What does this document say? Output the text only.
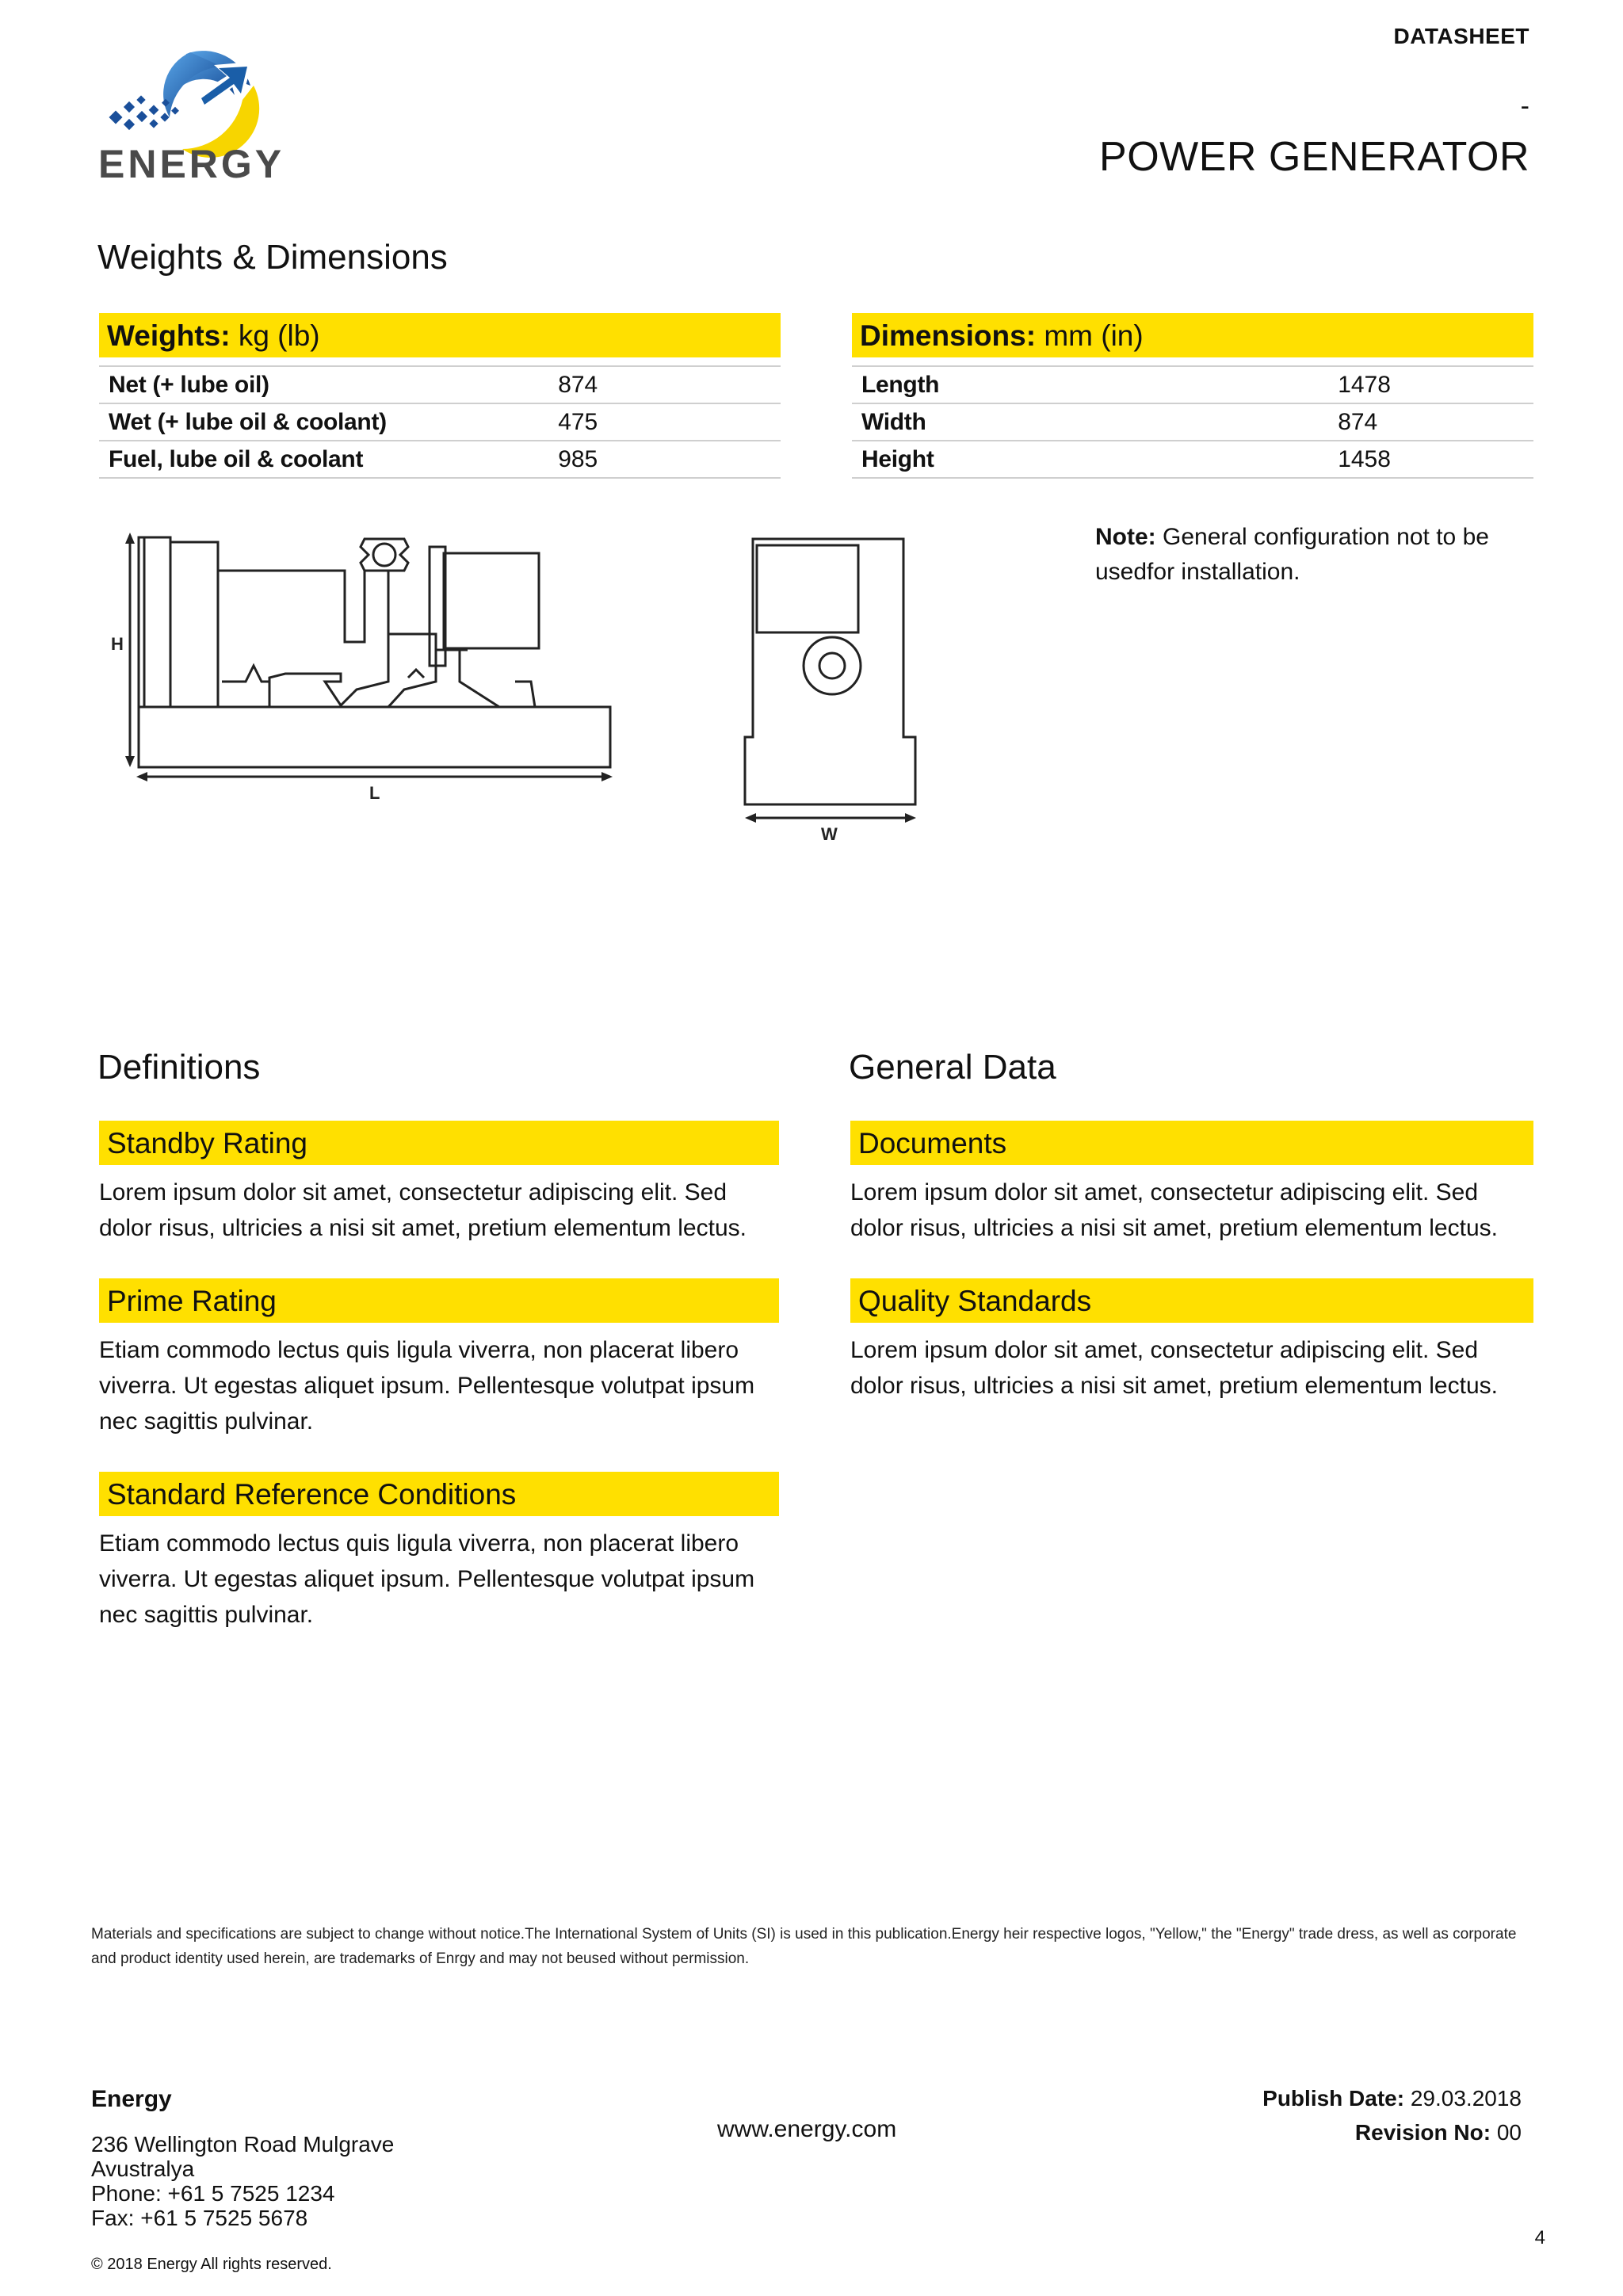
DATASHEET
-
POWER GENERATOR
ENERGY
Weights & Dimensions
Weights: kg (lb)
Net (+ lube oil)	874
Wet (+ lube oil & coolant)	475
Fuel, lube oil & coolant	985
Dimensions: mm (in)
Length	1478
Width	874
Height	1458
H
L
W
Note: General configuration not to be usedfor installation.
Definitions
Standby Rating
Lorem ipsum dolor sit amet, consectetur adipiscing elit. Sed dolor risus, ultricies a nisi sit amet, pretium elementum lectus.
Prime Rating
Etiam commodo lectus quis ligula viverra, non placerat libero viverra. Ut egestas aliquet ipsum. Pellentesque volutpat ipsum nec sagittis pulvinar.
Standard Reference Conditions
Etiam commodo lectus quis ligula viverra, non placerat libero viverra. Ut egestas aliquet ipsum. Pellentesque volutpat ipsum nec sagittis pulvinar.
General Data
Documents
Lorem ipsum dolor sit amet, consectetur adipiscing elit. Sed dolor risus, ultricies a nisi sit amet, pretium elementum lectus.
Quality Standards
Lorem ipsum dolor sit amet, consectetur adipiscing elit. Sed dolor risus, ultricies a nisi sit amet, pretium elementum lectus.
Materials and specifications are subject to change without notice.The International System of Units (SI) is used in this publication.Energy heir respective logos, "Yellow," the "Energy" trade dress, as well as corporate and product identity used herein, are trademarks of Enrgy and may not beused without permission.
Energy
236 Wellington Road Mulgrave
Avustralya
Phone: +61 5 7525 1234
Fax: +61 5 7525 5678
www.energy.com
Publish Date: 29.03.2018
Revision No: 00
4
© 2018 Energy All rights reserved.
